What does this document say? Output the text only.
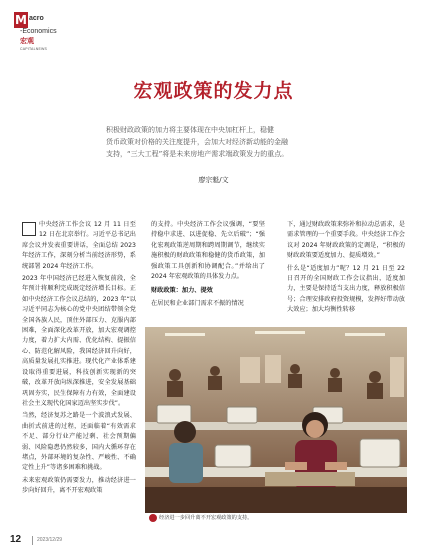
M acro
-Economics
宏观
CAPITALNEWS
宏观政策的发力点
积极财政政策的加力将主要体现在中央加杠杆上，稳健
货币政策对价格的关注度提升，会加大对经济新动能的金融
支持，“三大工程”将是未来房地产需求端政策发力的重点。
廖宗魁/文

中央经济工作会议 12 月 11 日至 12 日在北京举行。习近平总书记出席会议并发表重要讲话，全面总结 2023 年经济工作，深刻分析当前经济形势，系统部署 2024 年经济工作。

2023 年中国经济已经进入恢复前段，全年预计将顺利完成既定经济增长目标。正如中央经济工作会议总结的，2023 年“以习近平同志为核心的党中央团结带领全党全国各族人民，顶住外部压力、克服内部困难，全面深化改革开放，加大宏观调控力度，着力扩大内需、优化结构、提振信心、防范化解风险，我国经济回升向好，高质量发展扎实推进。现代化产业体系建设取得重要进展，科技创新实现新的突破，改革开放向纵深推进，安全发展基础巩固夯实，民生保障有力有效，全面建设社会主义现代化国家迈出坚实步伐”。

当然，经济复苏之路是一个波浪式发展、曲折式前进的过程，还面临着“有效需求不足、部分行业产能过剩、社会预期偏弱、风险隐患仍然较多，国内大循环存在堵点，外部环境的复杂性、严峻性、不确定性上升”等诸多困难和挑战。

未来宏观政策仍需要发力，推动经济进一步向好回升，离不开宏观政策

的支持。中央经济工作会议强调，“要坚持稳中求进、以进促稳、先立后破”；“强化宏观政策逆周期和跨周期调节，继续实施积极的财政政策和稳健的货币政策，加强政策工具创新和协调配合。”并给出了 2024 年宏观政策的具体发力点。

财政政策：加力、提效

在居民和企业部门需求不振的情况

下，通过财政政策来弥补和拉动总需求，是需求管理的一个重要手段。中央经济工作会议对 2024 年财政政策的定调是，“积极的财政政策要适度加力、提质增效。”

什么是“适度加力”呢？12 月 21 日至 22 日召开的全国财政工作会议指出，适度加力，主要是保持适当支出力度，释放积极信号；合理安排政府投资规模，发挥好带动放大效应；加大均衡性转移

经济进一步回升离不开宏观政策的支持。
12	2023/12/29
